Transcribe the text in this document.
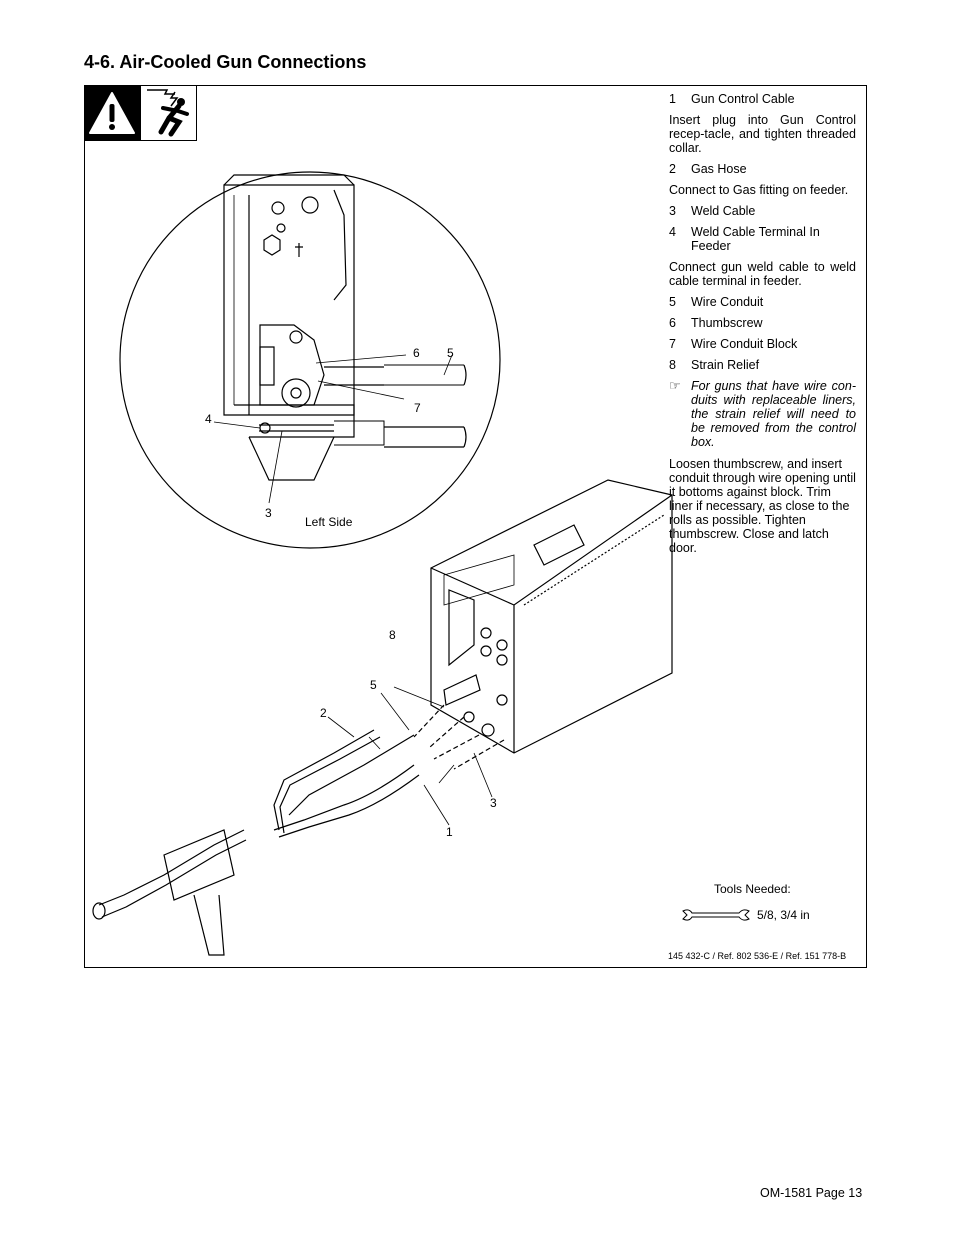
4-6. Air-Cooled Gun Connections
6 5
7
4
3
Left Side
8
5
2
3
1
1	Gun Control Cable

Insert plug into Gun Control recep-tacle, and tighten threaded collar.

2	Gas Hose

Connect to Gas fitting on feeder.

3	Weld Cable
4	Weld Cable Terminal In Feeder

Connect gun weld cable to weld cable terminal in feeder.

5	Wire Conduit
6	Thumbscrew
7	Wire Conduit Block
8	Strain Relief
☞ For guns that have wire con-duits with replaceable liners, the strain relief will need to be removed from the control box.

Loosen thumbscrew, and insert conduit through wire opening until it bottoms against block. Trim liner if necessary, as close to the rolls as possible. Tighten thumbscrew. Close and latch door.

Tools Needed:
5/8, 3/4 in
145 432-C / Ref. 802 536-E / Ref. 151 778-B
OM-1581 Page 13
